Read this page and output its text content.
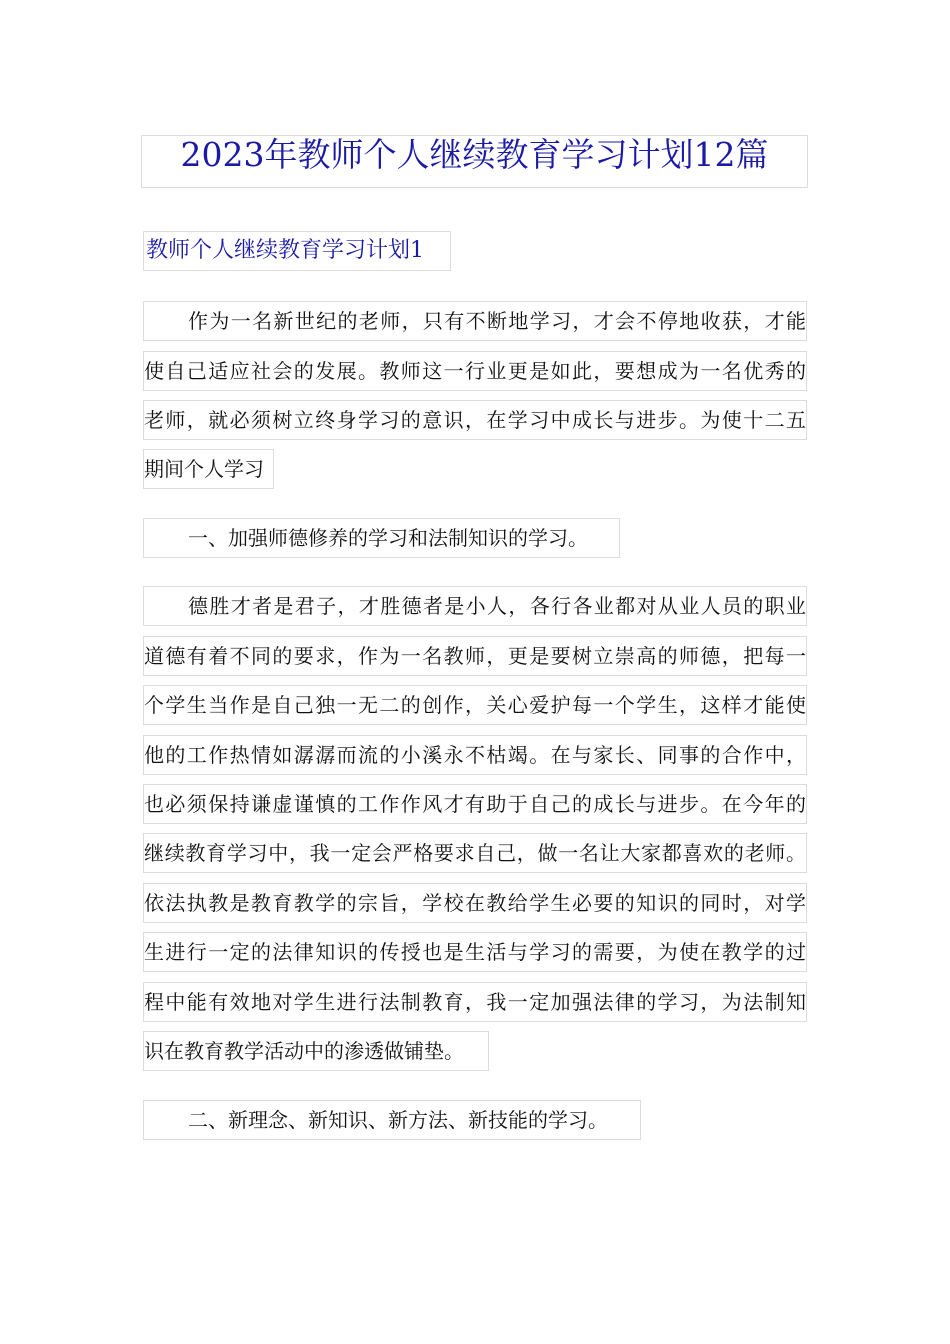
2023年教师个人继续教育学习计划12篇
教师个人继续教育学习计划1
作为一名新世纪的老师，只有不断地学习，才会不停地收获，才能
使自己适应社会的发展。教师这一行业更是如此，要想成为一名优秀的
老师，就必须树立终身学习的意识，在学习中成长与进步。为使十二五
期间个人学习
一、加强师德修养的学习和法制知识的学习。
德胜才者是君子，才胜德者是小人，各行各业都对从业人员的职业
道德有着不同的要求，作为一名教师，更是要树立崇高的师德，把每一
个学生当作是自己独一无二的创作，关心爱护每一个学生，这样才能使
他的工作热情如潺潺而流的小溪永不枯竭。在与家长、同事的合作中，
也必须保持谦虚谨慎的工作作风才有助于自己的成长与进步。在今年的
继续教育学习中，我一定会严格要求自己，做一名让大家都喜欢的老师。
依法执教是教育教学的宗旨，学校在教给学生必要的知识的同时，对学
生进行一定的法律知识的传授也是生活与学习的需要，为使在教学的过
程中能有效地对学生进行法制教育，我一定加强法律的学习，为法制知
识在教育教学活动中的渗透做铺垫。
二、新理念、新知识、新方法、新技能的学习。
